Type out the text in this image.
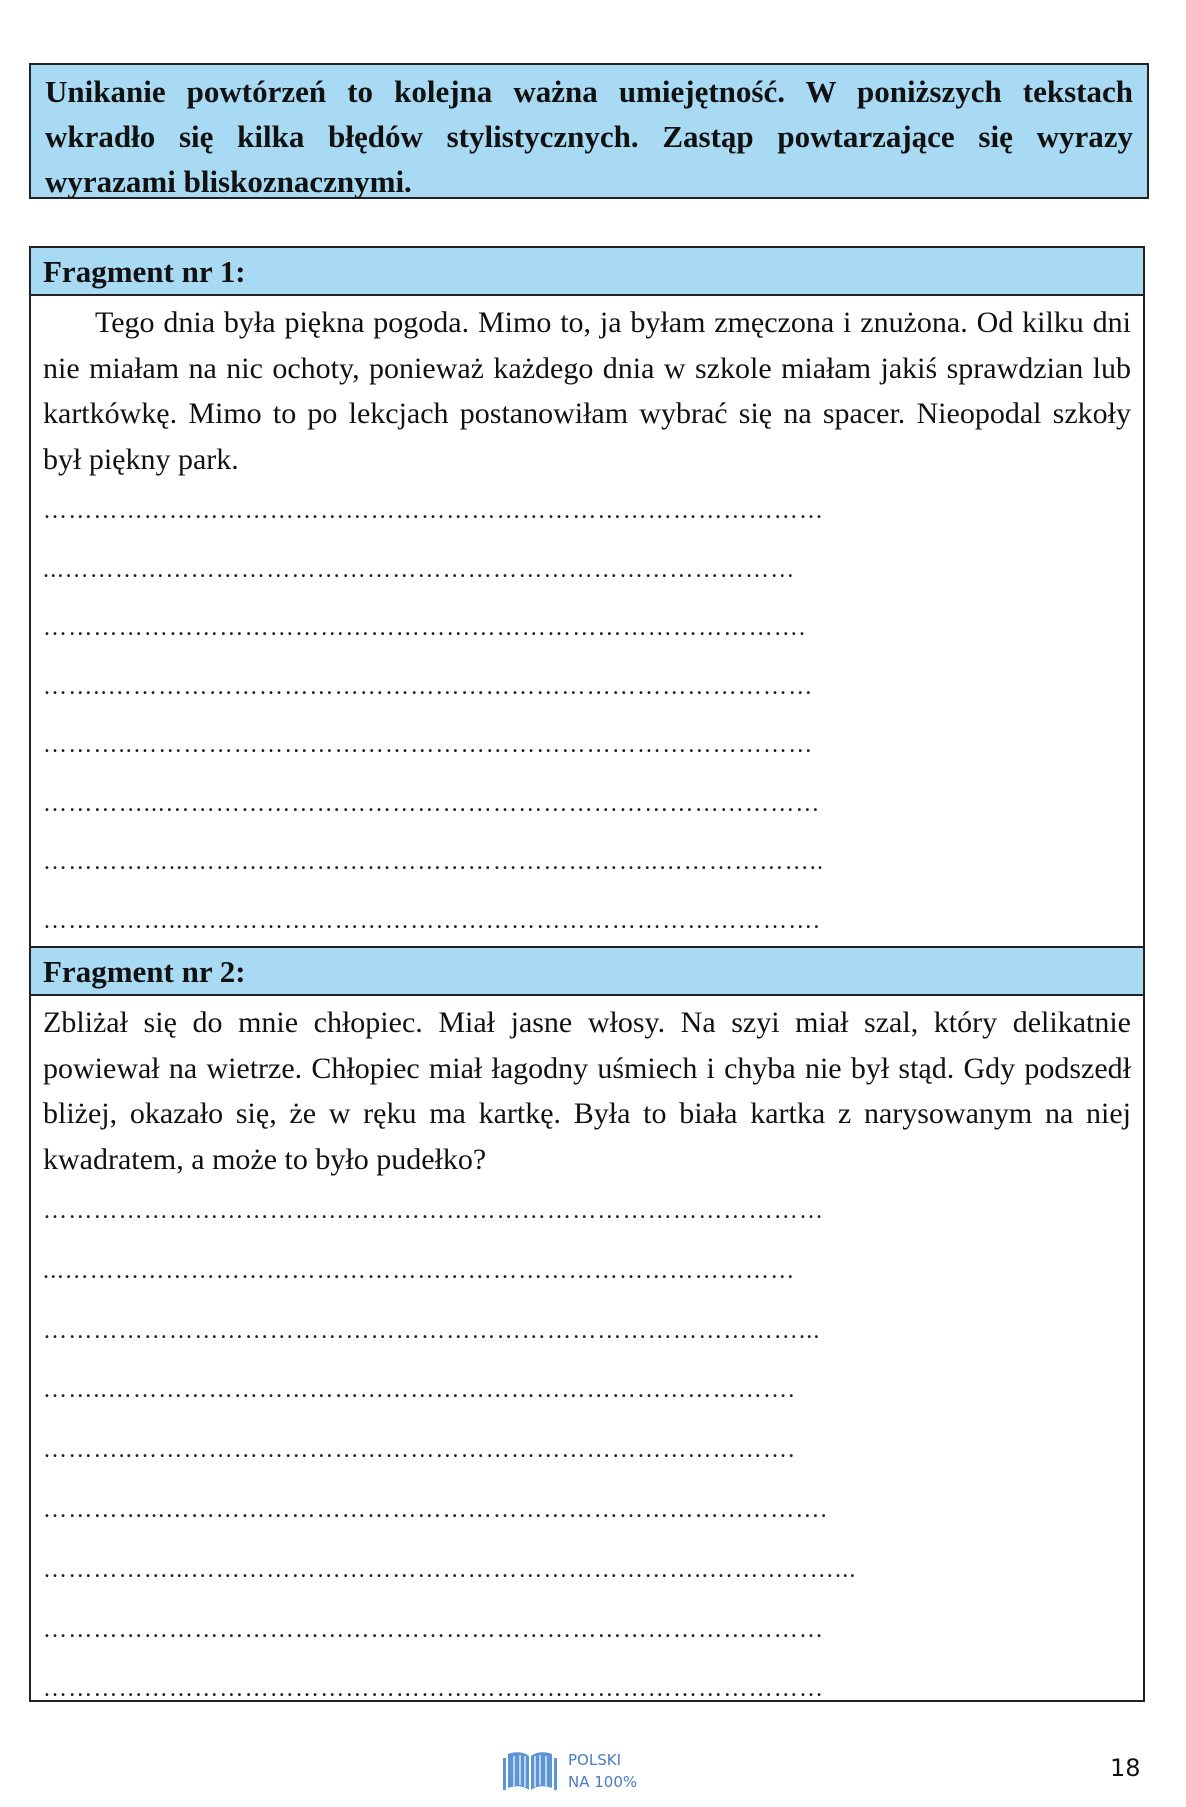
Unikanie powtórzeń to kolejna ważna umiejętność. W poniższych tekstach wkradło się kilka błędów stylistycznych. Zastąp powtarzające się wyrazy wyrazami bliskoznacznymi.
Fragment nr 1:
Tego dnia była piękna pogoda. Mimo to, ja byłam zmęczona i znużona. Od kilku dni nie miałam na nic ochoty, ponieważ każdego dnia w szkole miałam jakiś sprawdzian lub kartkówkę. Mimo to po lekcjach postanowiłam wybrać się na spacer. Nieopodal szkoły był piękny park.
…………………………………………………………………………………
...……………………………………………………………………………
……………………………………………………………………………….
……..…………………………………………………………………………
………..………………………………………………………………………
…………...……………………………………………………………………
……………...………………………………………………..………………..
……………..………………………………………………………………….
Fragment nr 2:
Zbliżał się do mnie chłopiec. Miał jasne włosy. Na szyi miał szal, który delikatnie powiewał na wietrze. Chłopiec miał łagodny uśmiech i chyba nie był stąd. Gdy podszedł bliżej, okazało się, że w ręku ma kartkę. Była to biała kartka z narysowanym na niej kwadratem, a może to było pudełko?
…………………………………………………………………………………
...……………………………………………………………………………
………………………………………………………………………………...
……..……………………………………………………………………….
………..…………………………………………………………………….
…………...…………………………………………………………………….
……………...……………………………………………………..……………...
…………………………………………………………………………………
…………………………………………………………………………………
POLSKI
NA 100%	18
